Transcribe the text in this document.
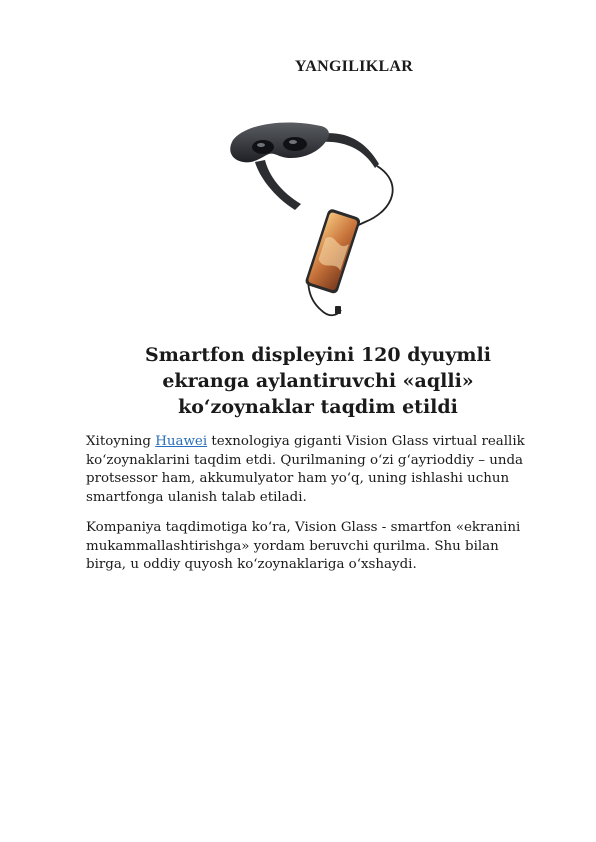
YANGILIKLAR
Smartfon displeyini 120 dyuymli ekranga aylantiruvchi «aqlli» ko‘zoynaklar taqdim etildi

Xitoyning Huawei texnologiya giganti Vision Glass virtual reallik ko‘zoynaklarini taqdim etdi. Qurilmaning o‘zi g‘ayrioddiy – unda protsessor ham, akkumulyator ham yo‘q, uning ishlashi uchun smartfonga ulanish talab etiladi.

Kompaniya taqdimotiga ko‘ra, Vision Glass - smartfon «ekranini mukammallashtirishga» yordam beruvchi qurilma. Shu bilan birga, u oddiy quyosh ko‘zoynaklariga o‘xshaydi.
